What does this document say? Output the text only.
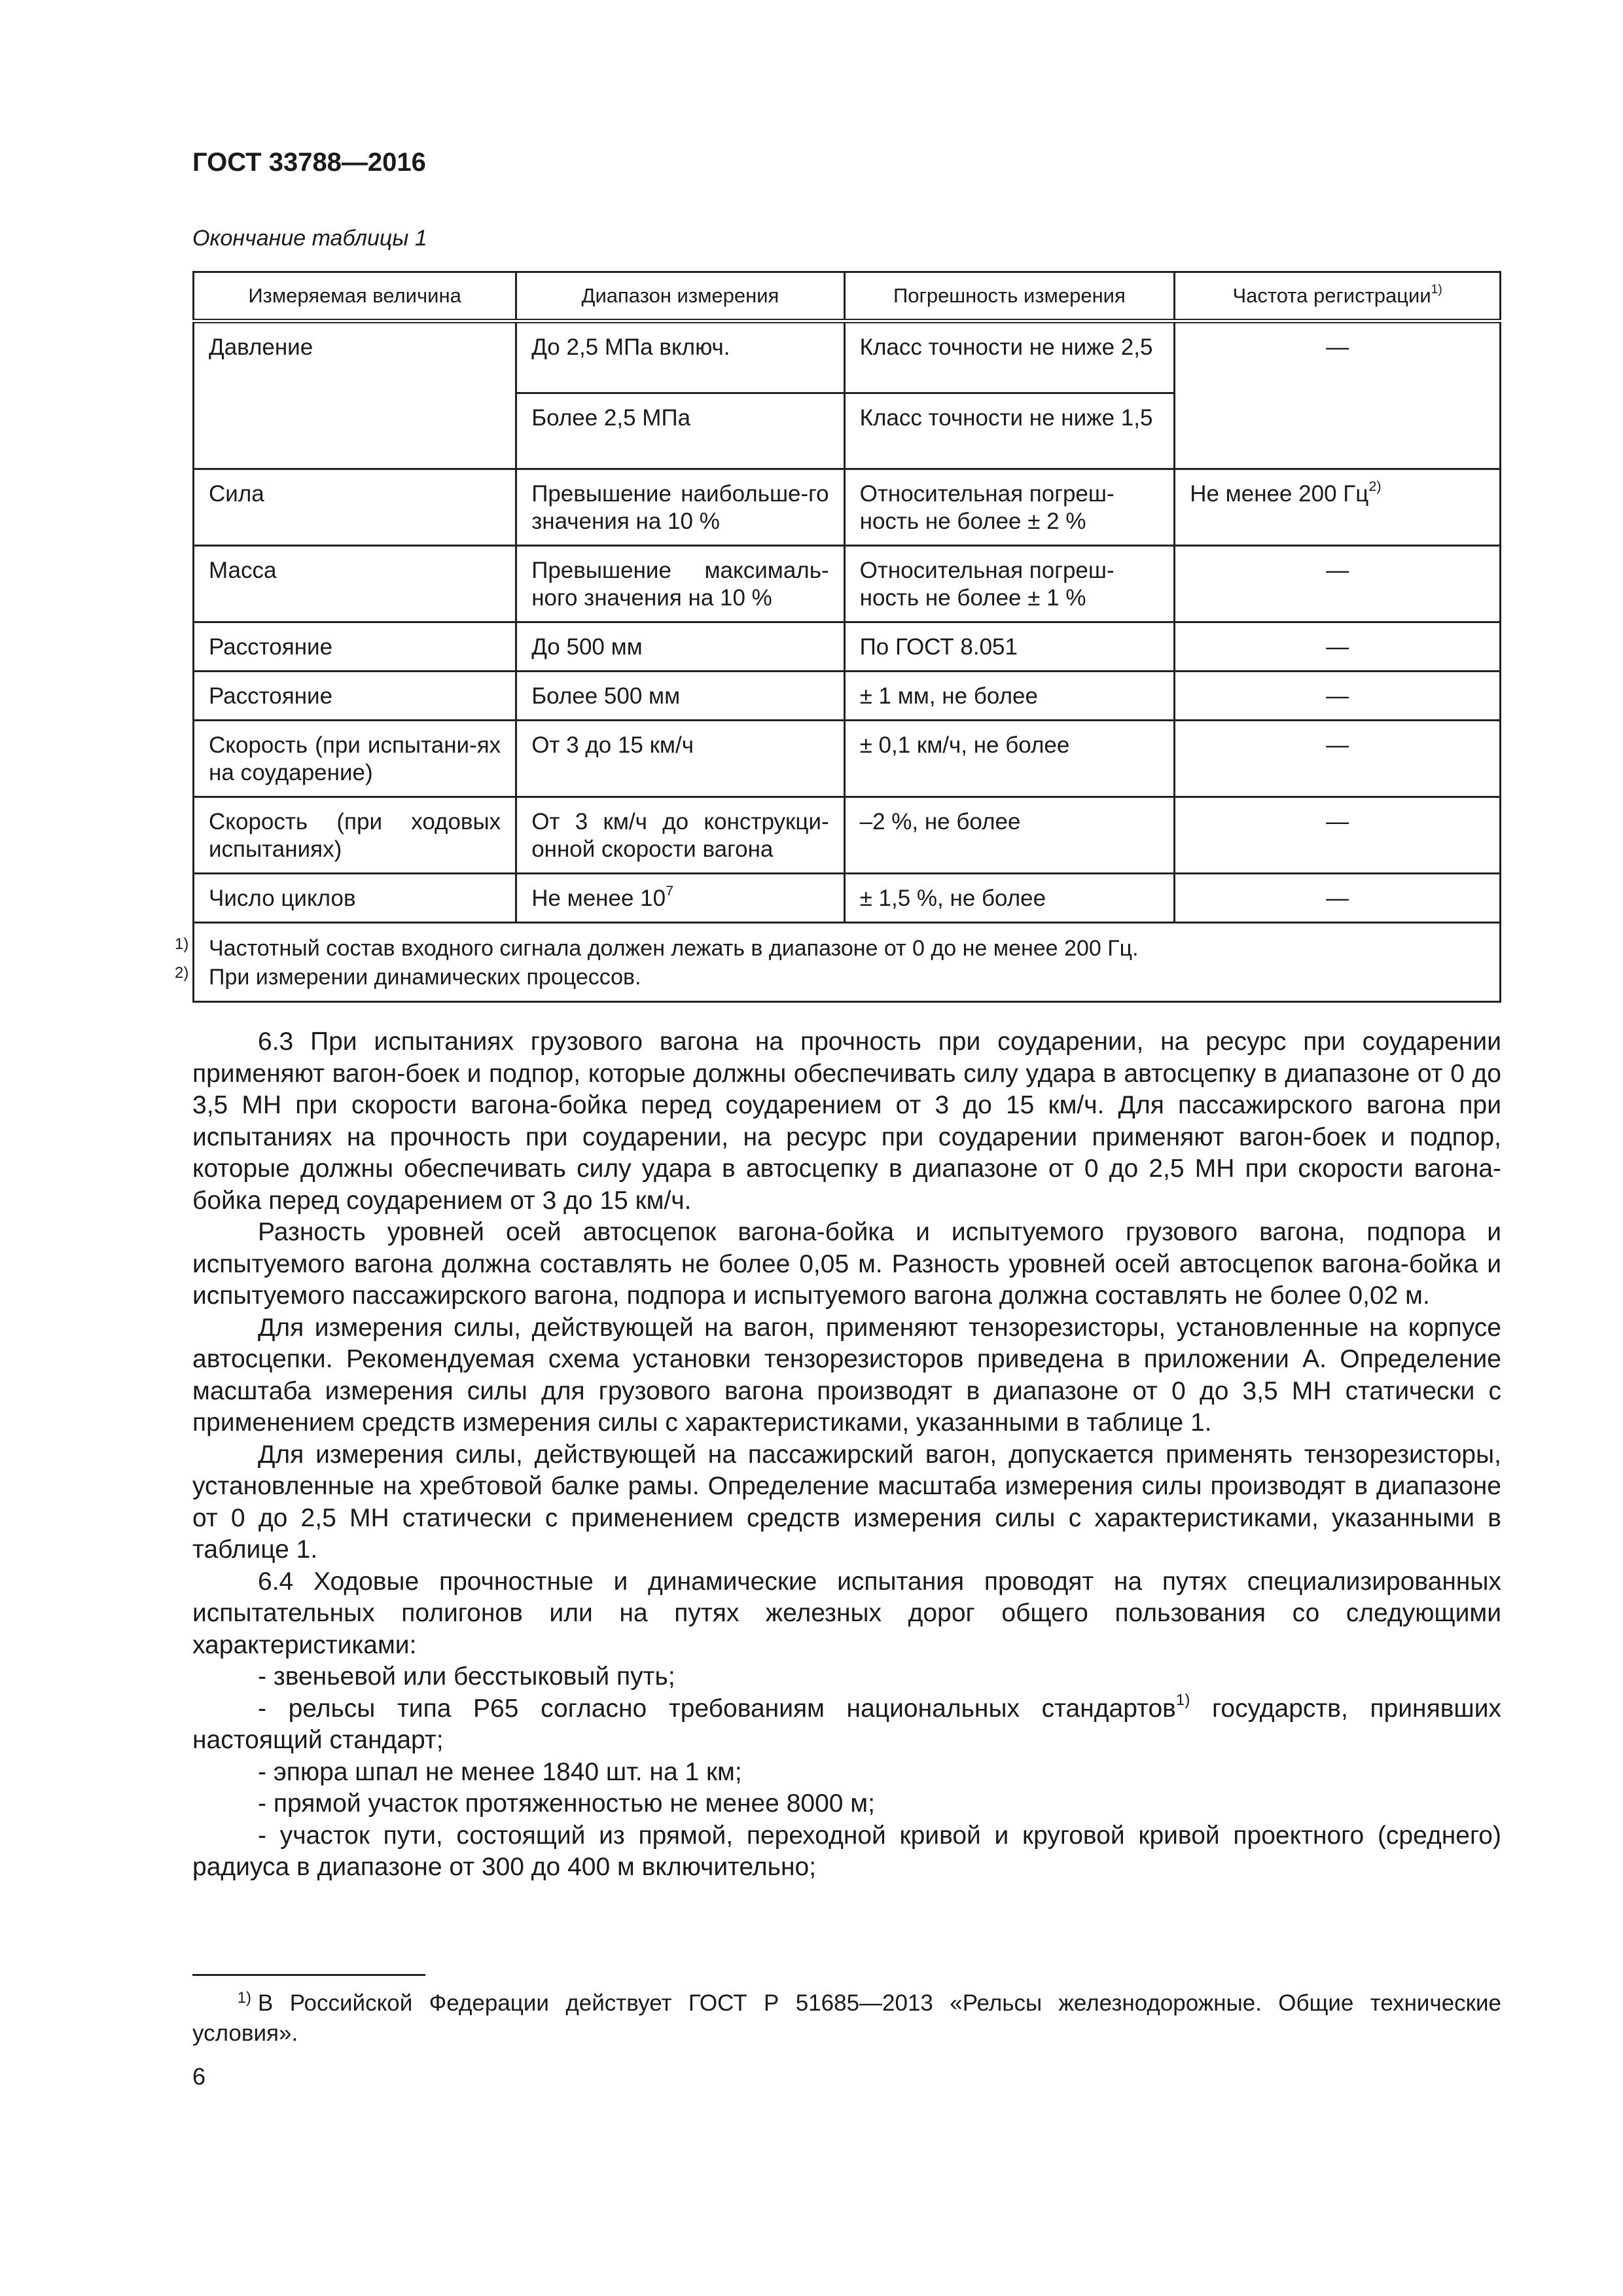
ГОСТ 33788—2016
Окончание таблицы 1
Измеряемая величина	Диапазон измерения	Погрешность измерения	Частота регистрации$^{1)}$
Давление	До 2,5 МПа включ.	Класс точности не ниже 2,5	—
	Более 2,5 МПа	Класс точности не ниже 1,5	
Сила	Превышение наибольше-го значения на 10 %	Относительная погреш-ность не более ± 2 %	Не менее 200 $Гц^{2)}$
Масса	Превышение максималь-ного значения на 10 %	Относительная погреш-ность не более ± 1 %	—
Расстояние	До 500 мм	По ГОСТ 8.051	—
Расстояние	Более 500 мм	± 1 мм, не более	—
Скорость (при испытани-ях на соударение)	От 3 до 15 км/ч	± 0,1 км/ч, не более	—
Скорость (при ходовых испытаниях)	От 3 км/ч до конструкци-онной скорости вагона	–2 %, не более	—
Число циклов	Не менее $10^7$	± 1,5 %, не более	—

1) Частотный состав входного сигнала должен лежать в диапазоне от 0 до не менее 200 Гц.
2) При измерении динамических процессов.			

6.3 При испытаниях грузового вагона на прочность при соударении, на ресурс при соударении применяют вагон-боек и подпор, которые должны обеспечивать силу удара в автосцепку в диапазоне от 0 до 3,5 МН при скорости вагона-бойка перед соударением от 3 до 15 км/ч. Для пассажирского вагона при испытаниях на прочность при соударении, на ресурс при соударении применяют вагон-боек и подпор, которые должны обеспечивать силу удара в автосцепку в диапазоне от 0 до 2,5 МН при скорости вагона-бойка перед соударением от 3 до 15 км/ч.

Разность уровней осей автосцепок вагона-бойка и испытуемого грузового вагона, подпора и испытуемого вагона должна составлять не более 0,05 м. Разность уровней осей автосцепок вагона-бойка и испытуемого пассажирского вагона, подпора и испытуемого вагона должна составлять не более 0,02 м.

Для измерения силы, действующей на вагон, применяют тензорезисторы, установленные на корпусе автосцепки. Рекомендуемая схема установки тензорезисторов приведена в приложении А. Определение масштаба измерения силы для грузового вагона производят в диапазоне от 0 до 3,5 МН статически с применением средств измерения силы с характеристиками, указанными в таблице 1.

Для измерения силы, действующей на пассажирский вагон, допускается применять тензорезисторы, установленные на хребтовой балке рамы. Определение масштаба измерения силы производят в диапазоне от 0 до 2,5 МН статически с применением средств измерения силы с характеристиками, указанными в таблице 1.

6.4 Ходовые прочностные и динамические испытания проводят на путях специализированных испытательных полигонов или на путях железных дорог общего пользования со следующими характеристиками:

- звеньевой или бесстыковый путь;

- рельсы типа Р65 согласно требованиям национальных стандартов$^{1)}$ государств, принявших настоящий стандарт;

- эпюра шпал не менее 1840 шт. на 1 км;

- прямой участок протяженностью не менее 8000 м;

- участок пути, состоящий из прямой, переходной кривой и круговой кривой проектного (среднего) радиуса в диапазоне от 300 до 400 м включительно;

1) В Российской Федерации действует ГОСТ Р 51685—2013 «Рельсы железнодорожные. Общие технические условия».
6
